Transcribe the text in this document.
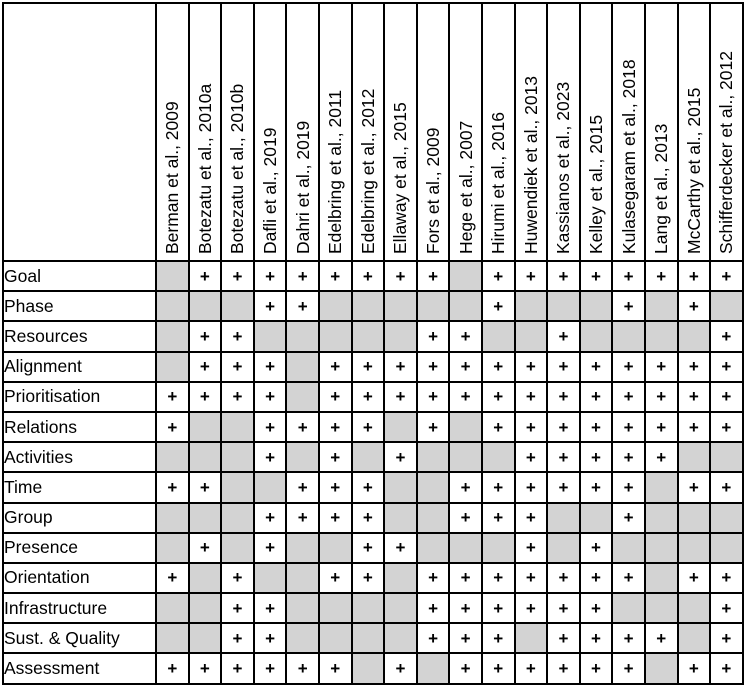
	Berman et al., 2009	Botezatu et al., 2010a	Botezatu et al., 2010b	Dafli et al., 2019	Dahri et al., 2019	Edelbring et al., 2011	Edelbring et al., 2012	Ellaway et al., 2015	Fors et al., 2009	Hege et al., 2007	Hirumi et al., 2016	Huwendiek et al., 2013	Kassianos et al., 2023	Kelley et al., 2015	Kulasegaram et al., 2018	Lang et al., 2013	McCarthy et al., 2015	Schifferdecker et al., 2012

Goal		+	+	+	+	+	+	+	+		+	+	+	+	+	+	+	+
Phase				+	+						+				+		+	
Resources		+	+						+	+			+					+
Alignment		+	+	+		+	+	+	+	+	+	+	+	+	+	+	+	+
Prioritisation	+	+	+	+		+	+	+	+	+	+	+	+	+	+	+	+	+
Relations	+			+	+	+	+		+		+	+	+	+	+	+	+	+
Activities				+		+		+				+	+	+	+	+		
Time	+	+			+	+	+			+	+	+	+	+	+		+	+
Group				+	+	+	+			+	+	+			+			
Presence		+		+			+	+				+		+				
Orientation	+		+			+	+		+	+	+	+	+	+	+		+	+
Infrastructure			+	+					+	+	+	+	+	+				+
Sust. & Quality			+	+					+	+	+		+	+	+	+		+
Assessment	+	+	+	+	+	+		+		+	+	+	+	+	+		+	+
